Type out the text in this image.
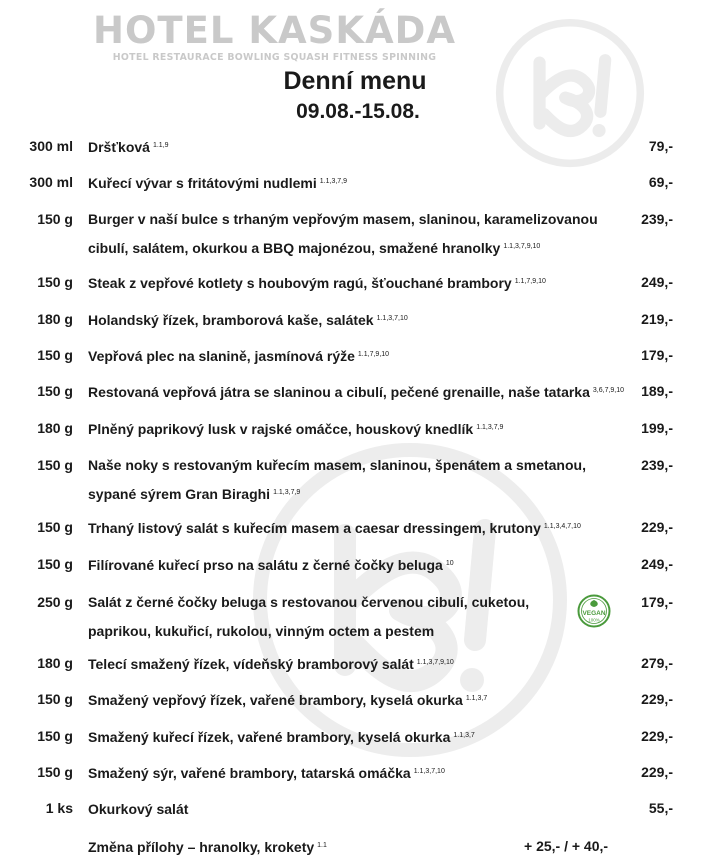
HOTEL KASKÁDA
HOTEL RESTAURACE BOWLING SQUASH FITNESS SPINNING
Denní menu
09.08.-15.08.
300 ml Dršťková $^{1.1,9}$	79,-
300 ml Kuřecí vývar s fritátovými nudlemi $^{1.1,3,7,9}$	69,-
150 g Burger v naší bulce s trhaným vepřovým masem, slaninou, karamelizovanou cibulí, salátem, okurkou a BBQ majonézou, smažené hranolky $^{1.1,3,7,9,10}$
239,-
150 g Steak z vepřové kotlety s houbovým ragú, šťouchané brambory $^{1.1,7,9,10}$	249,-
180 g Holandský řízek, bramborová kaše, salátek $^{1.1,3,7,10}$	219,-
150 g Vepřová plec na slanině, jasmínová rýže $^{1.1,7,9,10}$	179,-
150 g Restovaná vepřová játra se slaninou a cibulí, pečené grenaille, naše tatarka $^{3,6,7,9,10}$	189,-
180 g Plněný paprikový lusk v rajské omáčce, houskový knedlík $^{1.1,3,7,9}$	199,-
150 g Naše noky s restovaným kuřecím masem, slaninou, špenátem a smetanou, sypané sýrem Gran Biraghi $^{1.1,3,7,9}$
239,-
150 g Trhaný listový salát s kuřecím masem a caesar dressingem, krutony $^{1.1,3,4,7,10}$	229,-
150 g Filírované kuřecí prso na salátu z černé čočky beluga $^{10}$	249,-
250 g Salát z černé čočky beluga s restovanou červenou cibulí, cuketou, paprikou, kukuřicí, rukolou, vinným octem a pestem
179,-
180 g Telecí smažený řízek, vídeňský bramborový salát $^{1.1,3,7,9,10}$	279,-
150 g Smažený vepřový řízek, vařené brambory, kyselá okurka $^{1.1,3,7}$	229,-
150 g Smažený kuřecí řízek, vařené brambory, kyselá okurka $^{1.1,3,7}$	229,-
150 g Smažený sýr, vařené brambory, tatarská omáčka $^{1.1,3,7,10}$	229,-
1 ks Okurkový salát	55,-
Změna přílohy – hranolky, krokety $^{1.1}$	+ 25,- / + 40,-
VEGAN
100%
